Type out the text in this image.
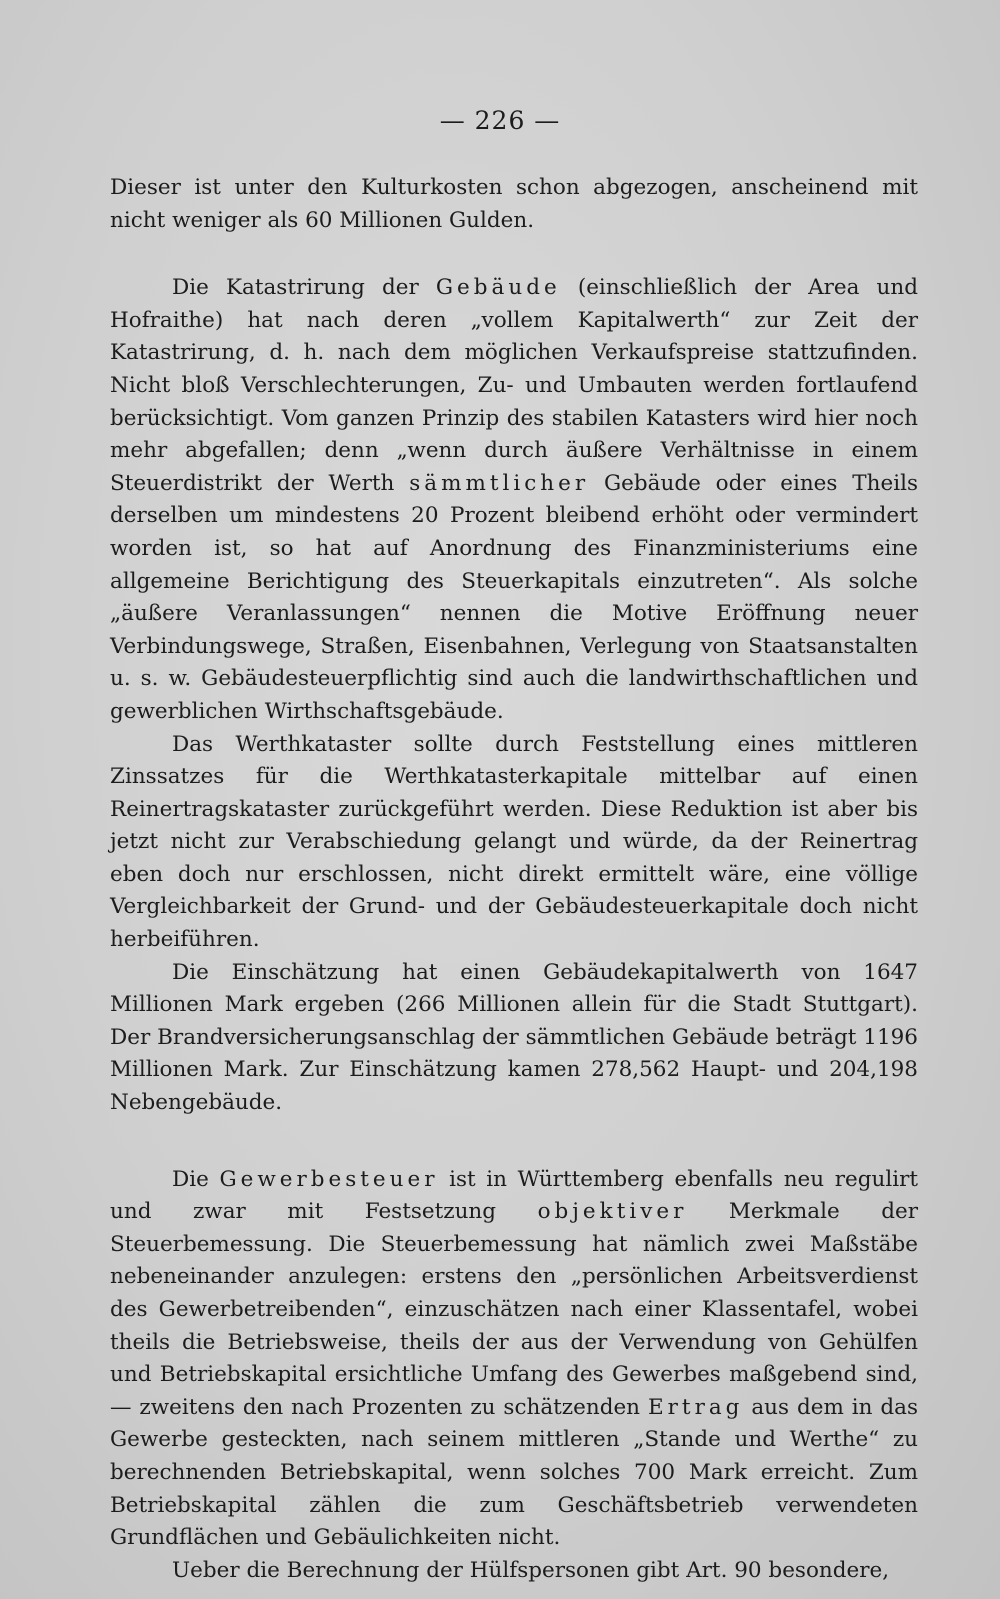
— 226 —

Dieser ist unter den Kulturkosten schon abgezogen, anscheinend mit nicht weniger als 60 Millionen Gulden.

Die Katastrirung der Gebäude (einschließlich der Area und Hofraithe) hat nach deren „vollem Kapitalwerth“ zur Zeit der Katastrirung, d. h. nach dem möglichen Verkaufspreise stattzufinden. Nicht bloß Verschlechterungen, Zu- und Umbauten werden fortlaufend berücksichtigt. Vom ganzen Prinzip des stabilen Katasters wird hier noch mehr abgefallen; denn „wenn durch äußere Verhältnisse in einem Steuerdistrikt der Werth sämmtlicher Gebäude oder eines Theils derselben um mindestens 20 Prozent bleibend erhöht oder vermindert worden ist, so hat auf Anordnung des Finanzministeriums eine allgemeine Berichtigung des Steuerkapitals einzutreten“. Als solche „äußere Veranlassungen“ nennen die Motive Eröffnung neuer Verbindungswege, Straßen, Eisenbahnen, Verlegung von Staatsanstalten u. s. w. Gebäudesteuerpflichtig sind auch die landwirthschaftlichen und gewerblichen Wirthschaftsgebäude.

Das Werthkataster sollte durch Feststellung eines mittleren Zinssatzes für die Werthkatasterkapitale mittelbar auf einen Reinertragskataster zurückgeführt werden. Diese Reduktion ist aber bis jetzt nicht zur Verabschiedung gelangt und würde, da der Reinertrag eben doch nur erschlossen, nicht direkt ermittelt wäre, eine völlige Vergleichbarkeit der Grund- und der Gebäudesteuerkapitale doch nicht herbeiführen.

Die Einschätzung hat einen Gebäudekapitalwerth von 1647 Millionen Mark ergeben (266 Millionen allein für die Stadt Stuttgart). Der Brandversicherungsanschlag der sämmtlichen Gebäude beträgt 1196 Millionen Mark. Zur Einschätzung kamen 278,562 Haupt- und 204,198 Nebengebäude.

Die Gewerbesteuer ist in Württemberg ebenfalls neu regulirt und zwar mit Festsetzung objektiver Merkmale der Steuerbemessung. Die Steuerbemessung hat nämlich zwei Maßstäbe nebeneinander anzulegen: erstens den „persönlichen Arbeitsverdienst des Gewerbetreibenden“, einzuschätzen nach einer Klassentafel, wobei theils die Betriebsweise, theils der aus der Verwendung von Gehülfen und Betriebskapital ersichtliche Umfang des Gewerbes maßgebend sind, — zweitens den nach Prozenten zu schätzenden Ertrag aus dem in das Gewerbe gesteckten, nach seinem mittleren „Stande und Werthe“ zu berechnenden Betriebskapital, wenn solches 700 Mark erreicht. Zum Betriebskapital zählen die zum Geschäftsbetrieb verwendeten Grundflächen und Gebäulichkeiten nicht.

Ueber die Berechnung der Hülfspersonen gibt Art. 90 besondere,
